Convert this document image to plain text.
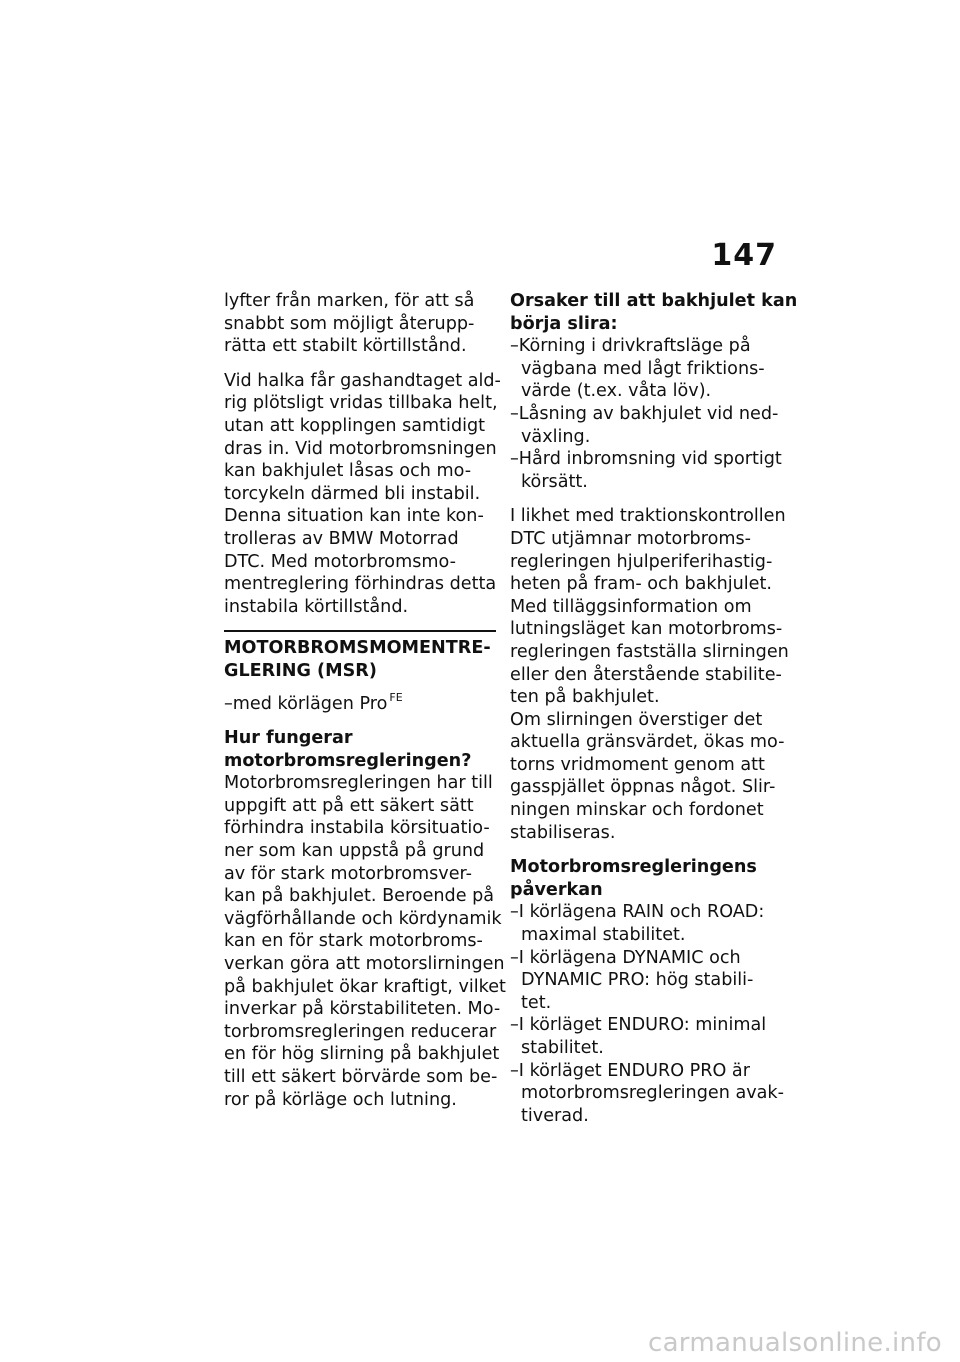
147

lyfter från marken, för att så
snabbt som möjligt återupp-
rätta ett stabilt körtillstånd.

Vid halka får gashandtaget ald-
rig plötsligt vridas tillbaka helt,
utan att kopplingen samtidigt
dras in. Vid motorbromsningen
kan bakhjulet låsas och mo-
torcykeln därmed bli instabil.
Denna situation kan inte kon-
trolleras av BMW Motorrad
DTC. Med motorbromsmo-
mentreglering förhindras detta
instabila körtillstånd.

MOTORBROMSMOMENTRE-
GLERING (MSR)
–med körlägen Pro $^{FE}$
Hur fungerar
motorbromsregleringen?

Motorbromsregleringen har till
uppgift att på ett säkert sätt
förhindra instabila körsituatio-
ner som kan uppstå på grund
av för stark motorbromsver-
kan på bakhjulet. Beroende på
vägförhållande och kördynamik
kan en för stark motorbroms-
verkan göra att motorslirningen
på bakhjulet ökar kraftigt, vilket
inverkar på körstabiliteten. Mo-
torbromsregleringen reducerar
en för hög slirning på bakhjulet
till ett säkert börvärde som be-
ror på körläge och lutning.

Orsaker till att bakhjulet kan
börja slira:
–Körning i drivkraftsläge på
vägbana med lågt friktions-
värde (t.ex. våta löv).
–Låsning av bakhjulet vid ned-
växling.
–Hård inbromsning vid sportigt
körsätt.

I likhet med traktionskontrollen
DTC utjämnar motorbroms-
regleringen hjulperiferihastig-
heten på fram- och bakhjulet.
Med tilläggsinformation om
lutningsläget kan motorbroms-
regleringen fastställa slirningen
eller den återstående stabilite-
ten på bakhjulet.
Om slirningen överstiger det
aktuella gränsvärdet, ökas mo-
torns vridmoment genom att
gasspjället öppnas något. Slir-
ningen minskar och fordonet
stabiliseras.

Motorbromsregleringens
påverkan
–I körlägena RAIN och ROAD:
maximal stabilitet.
–I körlägena DYNAMIC och
DYNAMIC PRO: hög stabili-
tet.
–I körläget ENDURO: minimal
stabilitet.
–I körläget ENDURO PRO är
motorbromsregleringen avak-
tiverad.
carmanualsonline.info
